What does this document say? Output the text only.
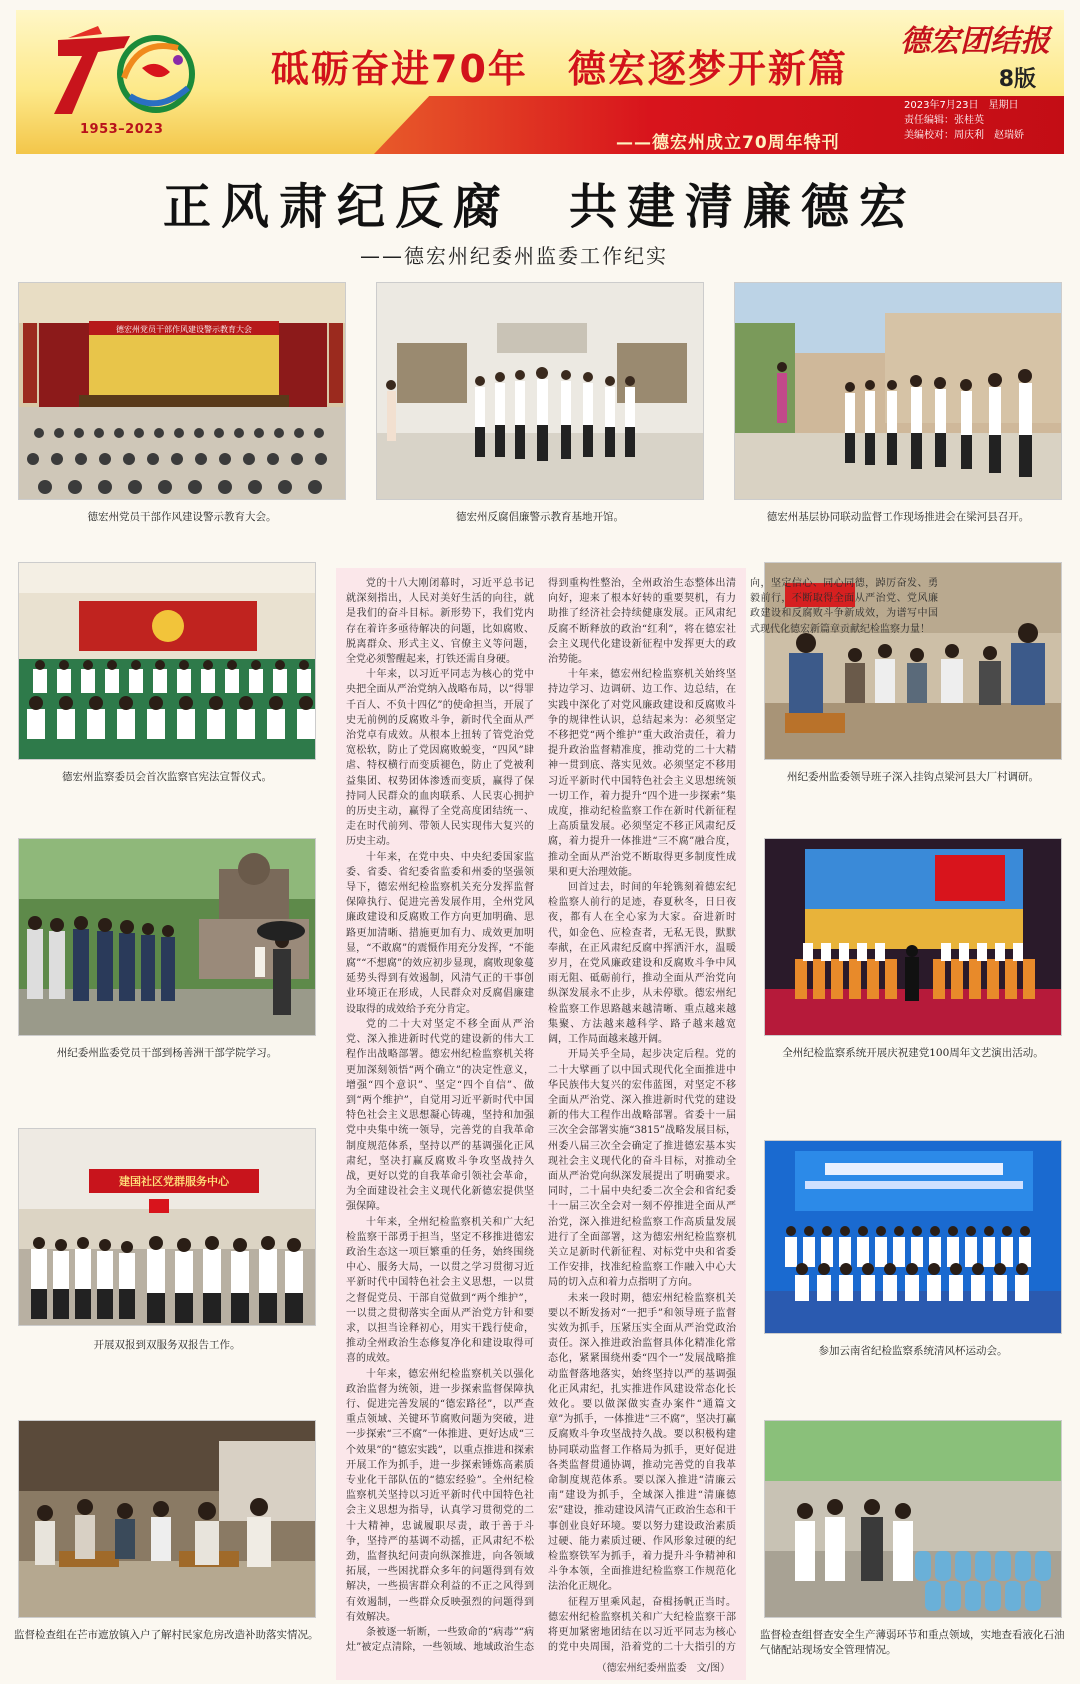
1953–2023
砥砺奋进70年　德宏逐梦开新篇
——德宏州成立70周年特刊
德宏团结报
8版
2023年7月23日　星期日
责任编辑：张桂英
美编校对：周庆利　赵瑞娇
正风肃纪反腐　共建清廉德宏
——德宏州纪委州监委工作纪实
德宏州党员干部作风建设警示教育大会
德宏州党员干部作风建设警示教育大会。	德宏州反腐倡廉警示教育基地开馆。	德宏州基层协同联动监督工作现场推进会在梁河县召开。
德宏州监察委员会首次监察官宪法宣誓仪式。	州纪委州监委领导班子深入挂钩点梁河县大厂村调研。
州纪委州监委党员干部到杨善洲干部学院学习。	全州纪检监察系统开展庆祝建党100周年文艺演出活动。
建国社区党群服务中心
开展双报到双服务双报告工作。	参加云南省纪检监察系统清风杯运动会。
监督检查组在芒市遮放镇入户了解村民家危房改造补助落实情况。	监督检查组督查安全生产薄弱环节和重点领域，实地查看液化石油气储配站现场安全管理情况。

党的十八大刚闭幕时，习近平总书记就深刻指出，人民对美好生活的向往，就是我们的奋斗目标。新形势下，我们党内存在着许多亟待解决的问题，比如腐败、脱离群众、形式主义、官僚主义等问题，全党必须警醒起来，打铁还需自身硬。

十年来，以习近平同志为核心的党中央把全面从严治党纳入战略布局，以“得罪千百人、不负十四亿”的使命担当，开展了史无前例的反腐败斗争，新时代全面从严治党卓有成效。从根本上扭转了管党治党宽松软，防止了党因腐败蜕变，“四风”肆虐、特权横行而变质褪色，防止了党被利益集团、权势团体渗透而变质，赢得了保持同人民群众的血肉联系、人民衷心拥护的历史主动，赢得了全党高度团结统一、走在时代前列、带领人民实现伟大复兴的历史主动。

十年来，在党中央、中央纪委国家监委、省委、省纪委省监委和州委的坚强领导下，德宏州纪检监察机关充分发挥监督保障执行、促进完善发展作用，全州党风廉政建设和反腐败工作方向更加明确、思路更加清晰、措施更加有力、成效更加明显，“不敢腐”的震慑作用充分发挥，“不能腐”“不想腐”的效应初步显现，腐败现象蔓延势头得到有效遏制，风清气正的干事创业环境正在形成，人民群众对反腐倡廉建设取得的成效给予充分肯定。

党的二十大对坚定不移全面从严治党、深入推进新时代党的建设新的伟大工程作出战略部署。德宏州纪检监察机关将更加深刻领悟“两个确立”的决定性意义，增强“四个意识”、坚定“四个自信”、做到“两个维护”，自觉用习近平新时代中国特色社会主义思想凝心铸魂，坚持和加强党中央集中统一领导，完善党的自我革命制度规范体系，坚持以严的基调强化正风肃纪，坚决打赢反腐败斗争攻坚战持久战，更好以党的自我革命引领社会革命，为全面建设社会主义现代化新德宏提供坚强保障。

十年来，全州纪检监察机关和广大纪检监察干部勇于担当，坚定不移推进德宏政治生态这一项巨繁重的任务，始终围绕中心、服务大局，一以贯之学习贯彻习近平新时代中国特色社会主义思想，一以贯之督促党员、干部自觉做到“两个维护”，一以贯之贯彻落实全面从严治党方针和要求，以担当诠释初心，用实干践行使命，推动全州政治生态修复净化和建设取得可喜的成效。

十年来，德宏州纪检监察机关以强化政治监督为统领，进一步探索监督保障执行、促进完善发展的“德宏路径”，以严查重点领域、关键环节腐败问题为突破，进一步探索“三不腐”一体推进、更好达成“三个效果”的“德宏实践”，以重点推进和探索开展工作为抓手，进一步探索锤炼高素质专业化干部队伍的“德宏经验”。全州纪检监察机关坚持以习近平新时代中国特色社会主义思想为指导，认真学习贯彻党的二十大精神，忠诚履职尽责，敢于善于斗争，坚持严的基调不动摇，正风肃纪不松劲，监督执纪问责向纵深推进，向各领域拓展，一些困扰群众多年的问题得到有效解决，一些损害群众利益的不正之风得到有效遏制，一些群众反映强烈的问题得到有效解决。

条被逐一斩断，一些致命的“病毒”“病灶”被定点清除，一些领域、地域政治生态得到重构性整治，全州政治生态整体出清向好，迎来了根本好转的重要契机，有力助推了经济社会持续健康发展。正风肃纪反腐不断释放的政治“红利”，将在德宏社会主义现代化建设新征程中发挥更大的政治势能。

十年来，德宏州纪检监察机关始终坚持边学习、边调研、边工作、边总结，在实践中深化了对党风廉政建设和反腐败斗争的规律性认识，总结起来为：必须坚定不移把党“两个维护”重大政治责任，着力提升政治监督精准度，推动党的二十大精神一贯到底、落实见效。必须坚定不移用习近平新时代中国特色社会主义思想统领一切工作，着力提升“四个进一步探索”集成度，推动纪检监察工作在新时代新征程上高质量发展。必须坚定不移正风肃纪反腐，着力提升一体推进“三不腐”融合度，推动全面从严治党不断取得更多制度性成果和更大治理效能。

回首过去，时间的年轮镌刻着德宏纪检监察人前行的足迹，春夏秋冬，日日夜夜，都有人在全心家为大家。奋进新时代，如金色、应检查者，无私无畏，默默奉献，在正风肃纪反腐中挥洒汗水，温暖岁月，在党风廉政建设和反腐败斗争中风雨无阻、砥砺前行，推动全面从严治党向纵深发展永不止步，从未停歇。德宏州纪检监察工作思路越来越清晰、重点越来越集聚、方法越来越科学、路子越来越宽阔，工作局面越来越开阔。

开局关乎全局，起步决定后程。党的二十大擘画了以中国式现代化全面推进中华民族伟大复兴的宏伟蓝图，对坚定不移全面从严治党、深入推进新时代党的建设新的伟大工程作出战略部署。省委十一届三次全会部署实施“3815”战略发展目标，州委八届三次全会确定了推进德宏基本实现社会主义现代化的奋斗目标，对推动全面从严治党向纵深发展提出了明确要求。同时，二十届中央纪委二次全会和省纪委十一届三次全会对一刻不停推进全面从严治党，深入推进纪检监察工作高质量发展进行了全面部署，这为德宏州纪检监察机关立足新时代新征程、对标党中央和省委工作安排，找准纪检监察工作融入中心大局的切入点和着力点指明了方向。

未来一段时期，德宏州纪检监察机关要以不断发扬对“一把手”和领导班子监督实效为抓手，压紧压实全面从严治党政治责任。深入推进政治监督具体化精准化常态化，紧紧围绕州委“四个一”发展战略推动监督落地落实，始终坚持以严的基调强化正风肃纪，扎实推进作风建设常态化长效化。要以做深做实查办案件“通篇文章”为抓手，一体推进“三不腐”，坚决打赢反腐败斗争攻坚战持久战。要以积极构建协同联动监督工作格局为抓手，更好促进各类监督贯通协调，推动完善党的自我革命制度规范体系。要以深入推进“清廉云南”建设为抓手，全域深入推进“清廉德宏”建设，推动建设风清气正政治生态和干事创业良好环境。要以努力建设政治素质过硬、能力素质过硬、作风形象过硬的纪检监察铁军为抓手，着力提升斗争精神和斗争本领，全面推进纪检监察工作规范化法治化正规化。

征程万里乘风起，奋楫扬帆正当时。德宏州纪检监察机关和广大纪检监察干部将更加紧密地团结在以习近平同志为核心的党中央周围，沿着党的二十大指引的方向，坚定信心、同心同德，踔厉奋发、勇毅前行，不断取得全面从严治党、党风廉政建设和反腐败斗争新成效，为谱写中国式现代化德宏新篇章贡献纪检监察力量！

（德宏州纪委州监委　文/图）
